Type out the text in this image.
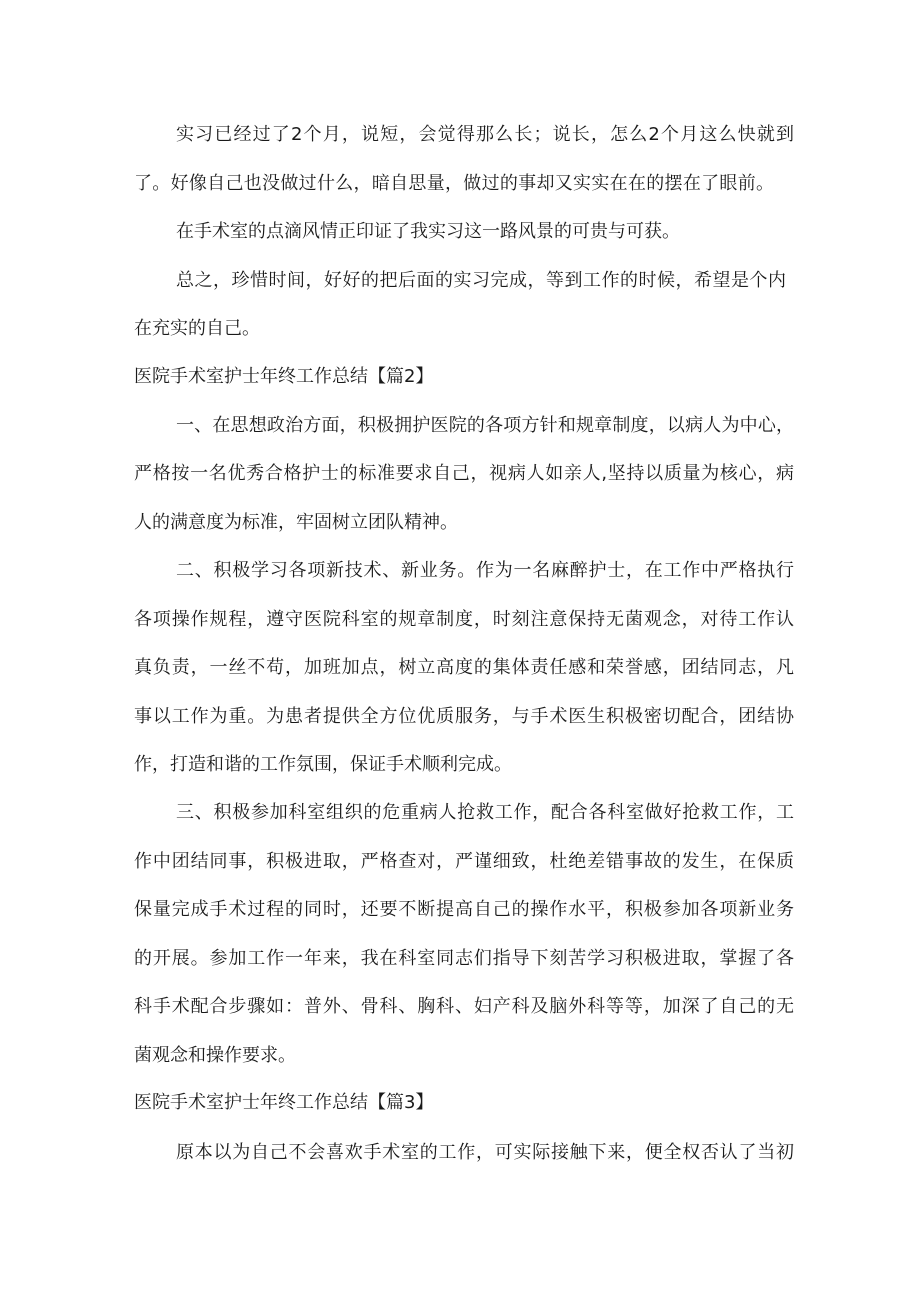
实习已经过了2个月，说短，会觉得那么长；说长，怎么2个月这么快就到

了。好像自己也没做过什么，暗自思量，做过的事却又实实在在的摆在了眼前。

在手术室的点滴风情正印证了我实习这一路风景的可贵与可获。

总之，珍惜时间，好好的把后面的实习完成，等到工作的时候，希望是个内

在充实的自己。

医院手术室护士年终工作总结【篇2】

一、在思想政治方面，积极拥护医院的各项方针和规章制度，以病人为中心，

严格按一名优秀合格护士的标准要求自己，视病人如亲人,坚持以质量为核心，病

人的满意度为标准，牢固树立团队精神。

二、积极学习各项新技术、新业务。作为一名麻醉护士，在工作中严格执行

各项操作规程，遵守医院科室的规章制度，时刻注意保持无菌观念，对待工作认

真负责，一丝不苟，加班加点，树立高度的集体责任感和荣誉感，团结同志，凡

事以工作为重。为患者提供全方位优质服务，与手术医生积极密切配合，团结协

作，打造和谐的工作氛围，保证手术顺利完成。

三、积极参加科室组织的危重病人抢救工作，配合各科室做好抢救工作，工

作中团结同事，积极进取，严格查对，严谨细致，杜绝差错事故的发生，在保质

保量完成手术过程的同时，还要不断提高自己的操作水平，积极参加各项新业务

的开展。参加工作一年来，我在科室同志们指导下刻苦学习积极进取，掌握了各

科手术配合步骤如：普外、骨科、胸科、妇产科及脑外科等等，加深了自己的无

菌观念和操作要求。

医院手术室护士年终工作总结【篇3】

原本以为自己不会喜欢手术室的工作，可实际接触下来，便全权否认了当初
